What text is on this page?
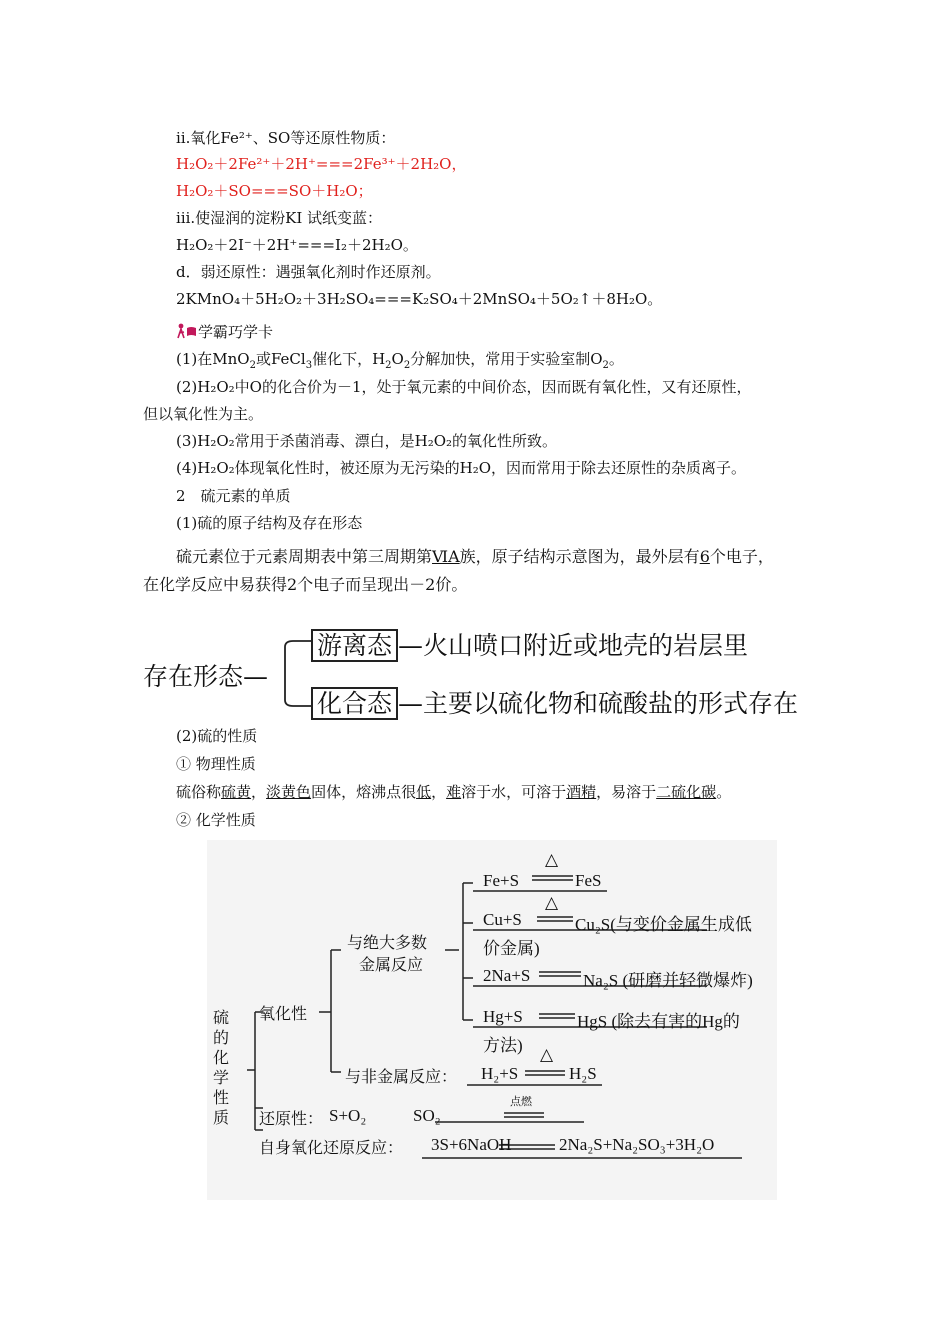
ⅱ.氧化Fe²⁺、SO等还原性物质：
H₂O₂＋2Fe²⁺＋2H⁺===2Fe³⁺＋2H₂O，
H₂O₂＋SO===SO＋H₂O；
ⅲ.使湿润的淀粉KI 试纸变蓝：
H₂O₂＋2I⁻＋2H⁺===I₂＋2H₂O。
d．弱还原性：遇强氧化剂时作还原剂。
2KMnO₄＋5H₂O₂＋3H₂SO₄===K₂SO₄＋2MnSO₄＋5O₂↑＋8H₂O。
学霸巧学卡
(1)在MnO$_2$或FeCl$_3$催化下，$H_2O_2$分解加快，常用于实验室制$O_2$。
(2)H₂O₂中O的化合价为－1，处于氧元素的中间价态，因而既有氧化性，又有还原性，
但以氧化性为主。
(3)H₂O₂常用于杀菌消毒、漂白，是H₂O₂的氧化性所致。
(4)H₂O₂体现氧化性时，被还原为无污染的H₂O，因而常用于除去还原性的杂质离子。
2　硫元素的单质
(1)硫的原子结构及存在形态
硫元素位于元素周期表中第三周期第ⅥA族，原子结构示意图为，最外层有6个电子，
在化学反应中易获得2个电子而呈现出－2价。
存在形态—
游离态 —火山喷口附近或地壳的岩层里
化合态 —主要以硫化物和硫酸盐的形式存在
(2)硫的性质
① 物理性质
硫俗称硫黄，淡黄色固体，熔沸点很低，难溶于水，可溶于酒精，易溶于二硫化碳。
② 化学性质
△
△
△
点燃
硫
的
化
学
性
质
氧化性
与绝大多数
金属反应
Fe+S	FeS
Cu+S	Cu₂S(与变价金属生成低
价金属)
2Na+S	Na₂S (研磨并轻微爆炸)
Hg+S	HgS (除去有害的Hg的
方法)
与非金属反应： H₂+S	H₂S
还原性： S+O₂	SO₂
自身氧化还原反应： 3S+6NaOH	2Na₂S+Na₂SO₃+3H₂O
